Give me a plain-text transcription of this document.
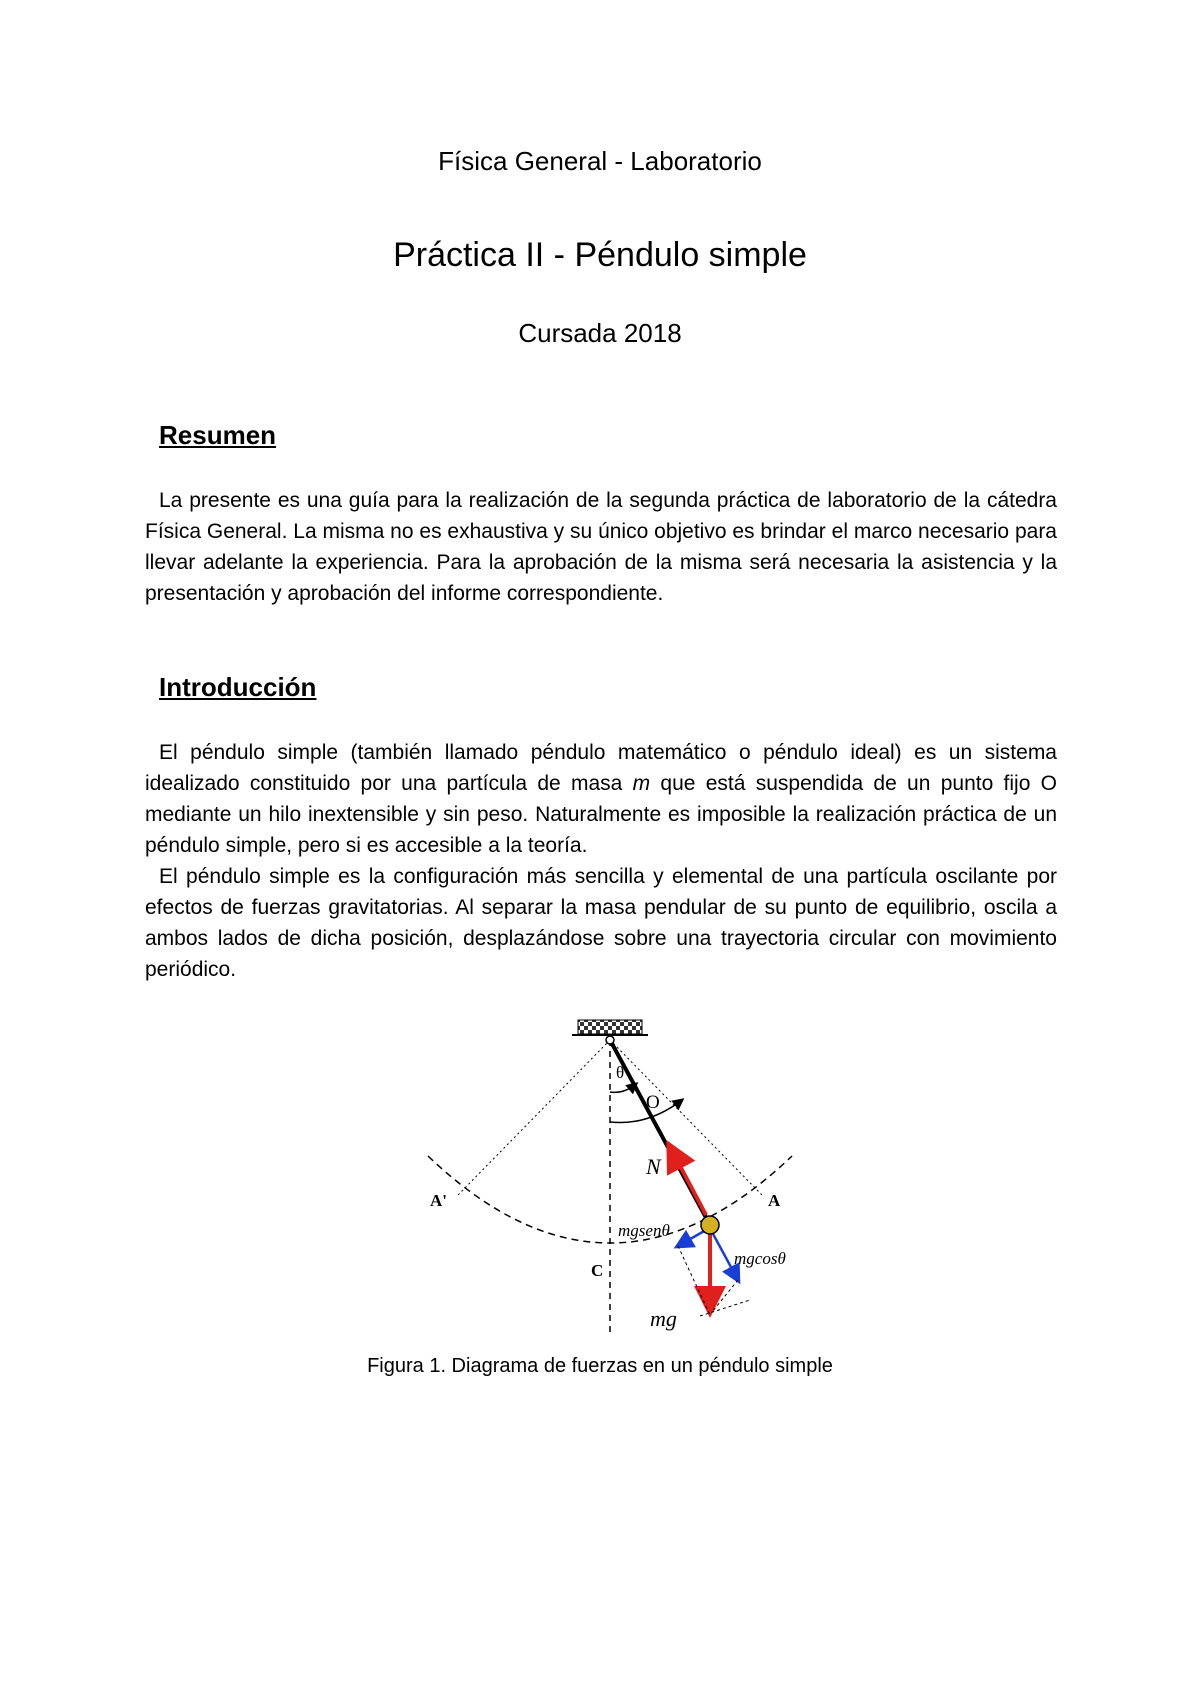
Física General - Laboratorio
Práctica II - Péndulo simple
Cursada 2018
Resumen

La presente es una guía para la realización de la segunda práctica de laboratorio de la cátedra Física General. La misma no es exhaustiva y su único objetivo es brindar el marco necesario para llevar adelante la experiencia. Para la aprobación de la misma será necesaria la asistencia y la presentación y aprobación del informe correspondiente.

Introducción

El péndulo simple (también llamado péndulo matemático o péndulo ideal) es un sistema idealizado constituido por una partícula de masa m que está suspendida de un punto fijo O mediante un hilo inextensible y sin peso. Naturalmente es imposible la realización práctica de un péndulo simple, pero si es accesible a la teoría.

El péndulo simple es la configuración más sencilla y elemental de una partícula oscilante por efectos de fuerzas gravitatorias. Al separar la masa pendular de su punto de equilibrio, oscila a ambos lados de dicha posición, desplazándose sobre una trayectoria circular con movimiento periódico.

θ
O
N
A'	A
C
mgsenθ
mgcosθ
mg

Figura 1. Diagrama de fuerzas en un péndulo simple
